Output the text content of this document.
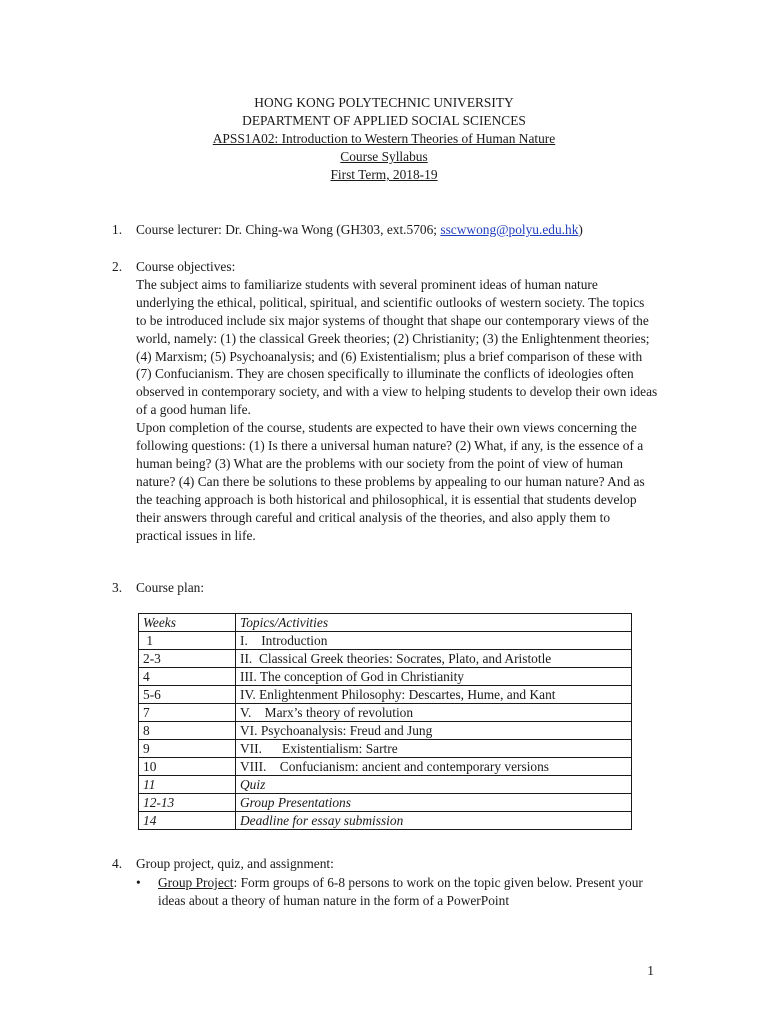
HONG KONG POLYTECHNIC UNIVERSITY
DEPARTMENT OF APPLIED SOCIAL SCIENCES
APSS1A02: Introduction to Western Theories of Human Nature
Course Syllabus
First Term, 2018-19
1. Course lecturer: Dr. Ching-wa Wong (GH303, ext.5706; sscwwong@polyu.edu.hk)
2. Course objectives:
The subject aims to familiarize students with several prominent ideas of human nature underlying the ethical, political, spiritual, and scientific outlooks of western society. The topics to be introduced include six major systems of thought that shape our contemporary views of the world, namely: (1) the classical Greek theories; (2) Christianity; (3) the Enlightenment theories; (4) Marxism; (5) Psychoanalysis; and (6) Existentialism; plus a brief comparison of these with (7) Confucianism. They are chosen specifically to illuminate the conflicts of ideologies often observed in contemporary society, and with a view to helping students to develop their own ideas of a good human life.
Upon completion of the course, students are expected to have their own views concerning the following questions: (1) Is there a universal human nature? (2) What, if any, is the essence of a human being? (3) What are the problems with our society from the point of view of human nature? (4) Can there be solutions to these problems by appealing to our human nature? And as the teaching approach is both historical and philosophical, it is essential that students develop their answers through careful and critical analysis of the theories, and also apply them to practical issues in life.
3. Course plan:
Weeks	Topics/Activities
1	I.    Introduction
2-3	II.  Classical Greek theories: Socrates, Plato, and Aristotle
4	III. The conception of God in Christianity
5-6	IV. Enlightenment Philosophy: Descartes, Hume, and Kant
7	V.    Marx’s theory of revolution
8	VI. Psychoanalysis: Freud and Jung
9	VII.      Existentialism: Sartre
10	VIII.    Confucianism: ancient and contemporary versions
11	Quiz
12-13	Group Presentations
14	Deadline for essay submission
4. Group project, quiz, and assignment:
• Group Project: Form groups of 6-8 persons to work on the topic given below. Present your ideas about a theory of human nature in the form of a PowerPoint
1
